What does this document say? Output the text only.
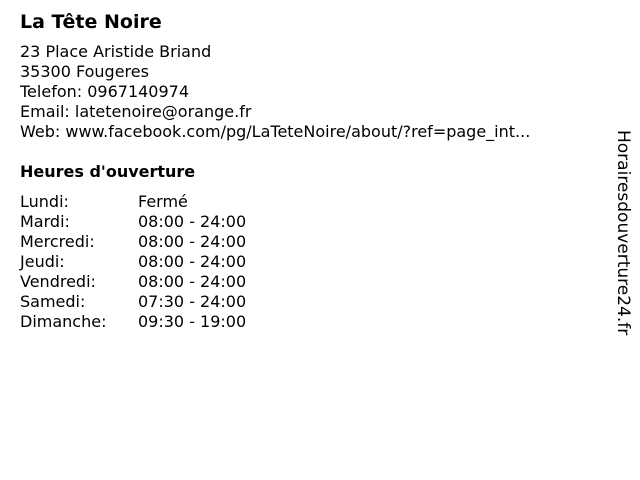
La Tête Noire
23 Place Aristide Briand
35300 Fougeres
Telefon: 0967140974
Email: latetenoire@orange.fr
Web: www.facebook.com/pg/LaTeteNoire/about/?ref=page_int...
Heures d'ouverture
Lundi:	Fermé
Mardi:	08:00 - 24:00
Mercredi:	08:00 - 24:00
Jeudi:	08:00 - 24:00
Vendredi:	08:00 - 24:00
Samedi:	07:30 - 24:00
Dimanche: 09:30 - 19:00	Horairesdouverture24.fr
